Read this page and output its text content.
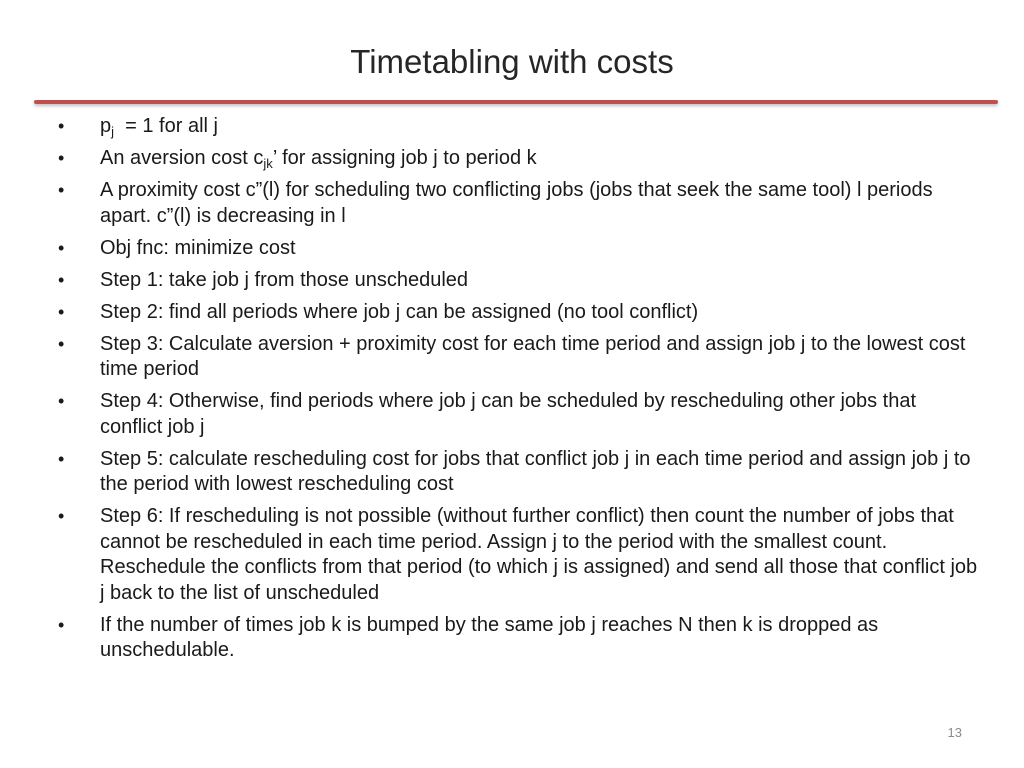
Timetabling with costs
•	$p_j = 1$ for all j
•	An aversion cost $c_{jk}$’ for assigning job j to period k
•	A proximity cost c”(l) for scheduling two conflicting jobs (jobs that seek the same tool) l periods apart. c”(l) is decreasing in l
•	Obj fnc: minimize cost
•	Step 1: take job j from those unscheduled
•	Step 2: find all periods where job j can be assigned (no tool conflict)
•	Step 3: Calculate aversion + proximity cost for each time period and assign job j to the lowest cost time period
•	Step 4: Otherwise, find periods where job j can be scheduled by rescheduling other jobs that conflict job j
•	Step 5: calculate rescheduling cost for jobs that conflict job j in each time period and assign job j to the period with lowest rescheduling cost
•	Step 6: If rescheduling is not possible (without further conflict) then count the number of jobs that cannot be rescheduled in each time period. Assign j to the period with the smallest count. Reschedule the conflicts from that period (to which j is assigned) and send all those that conflict job j back to the list of unscheduled
•	If the number of times job k is bumped by the same job j reaches N then k is dropped as unschedulable.
13
